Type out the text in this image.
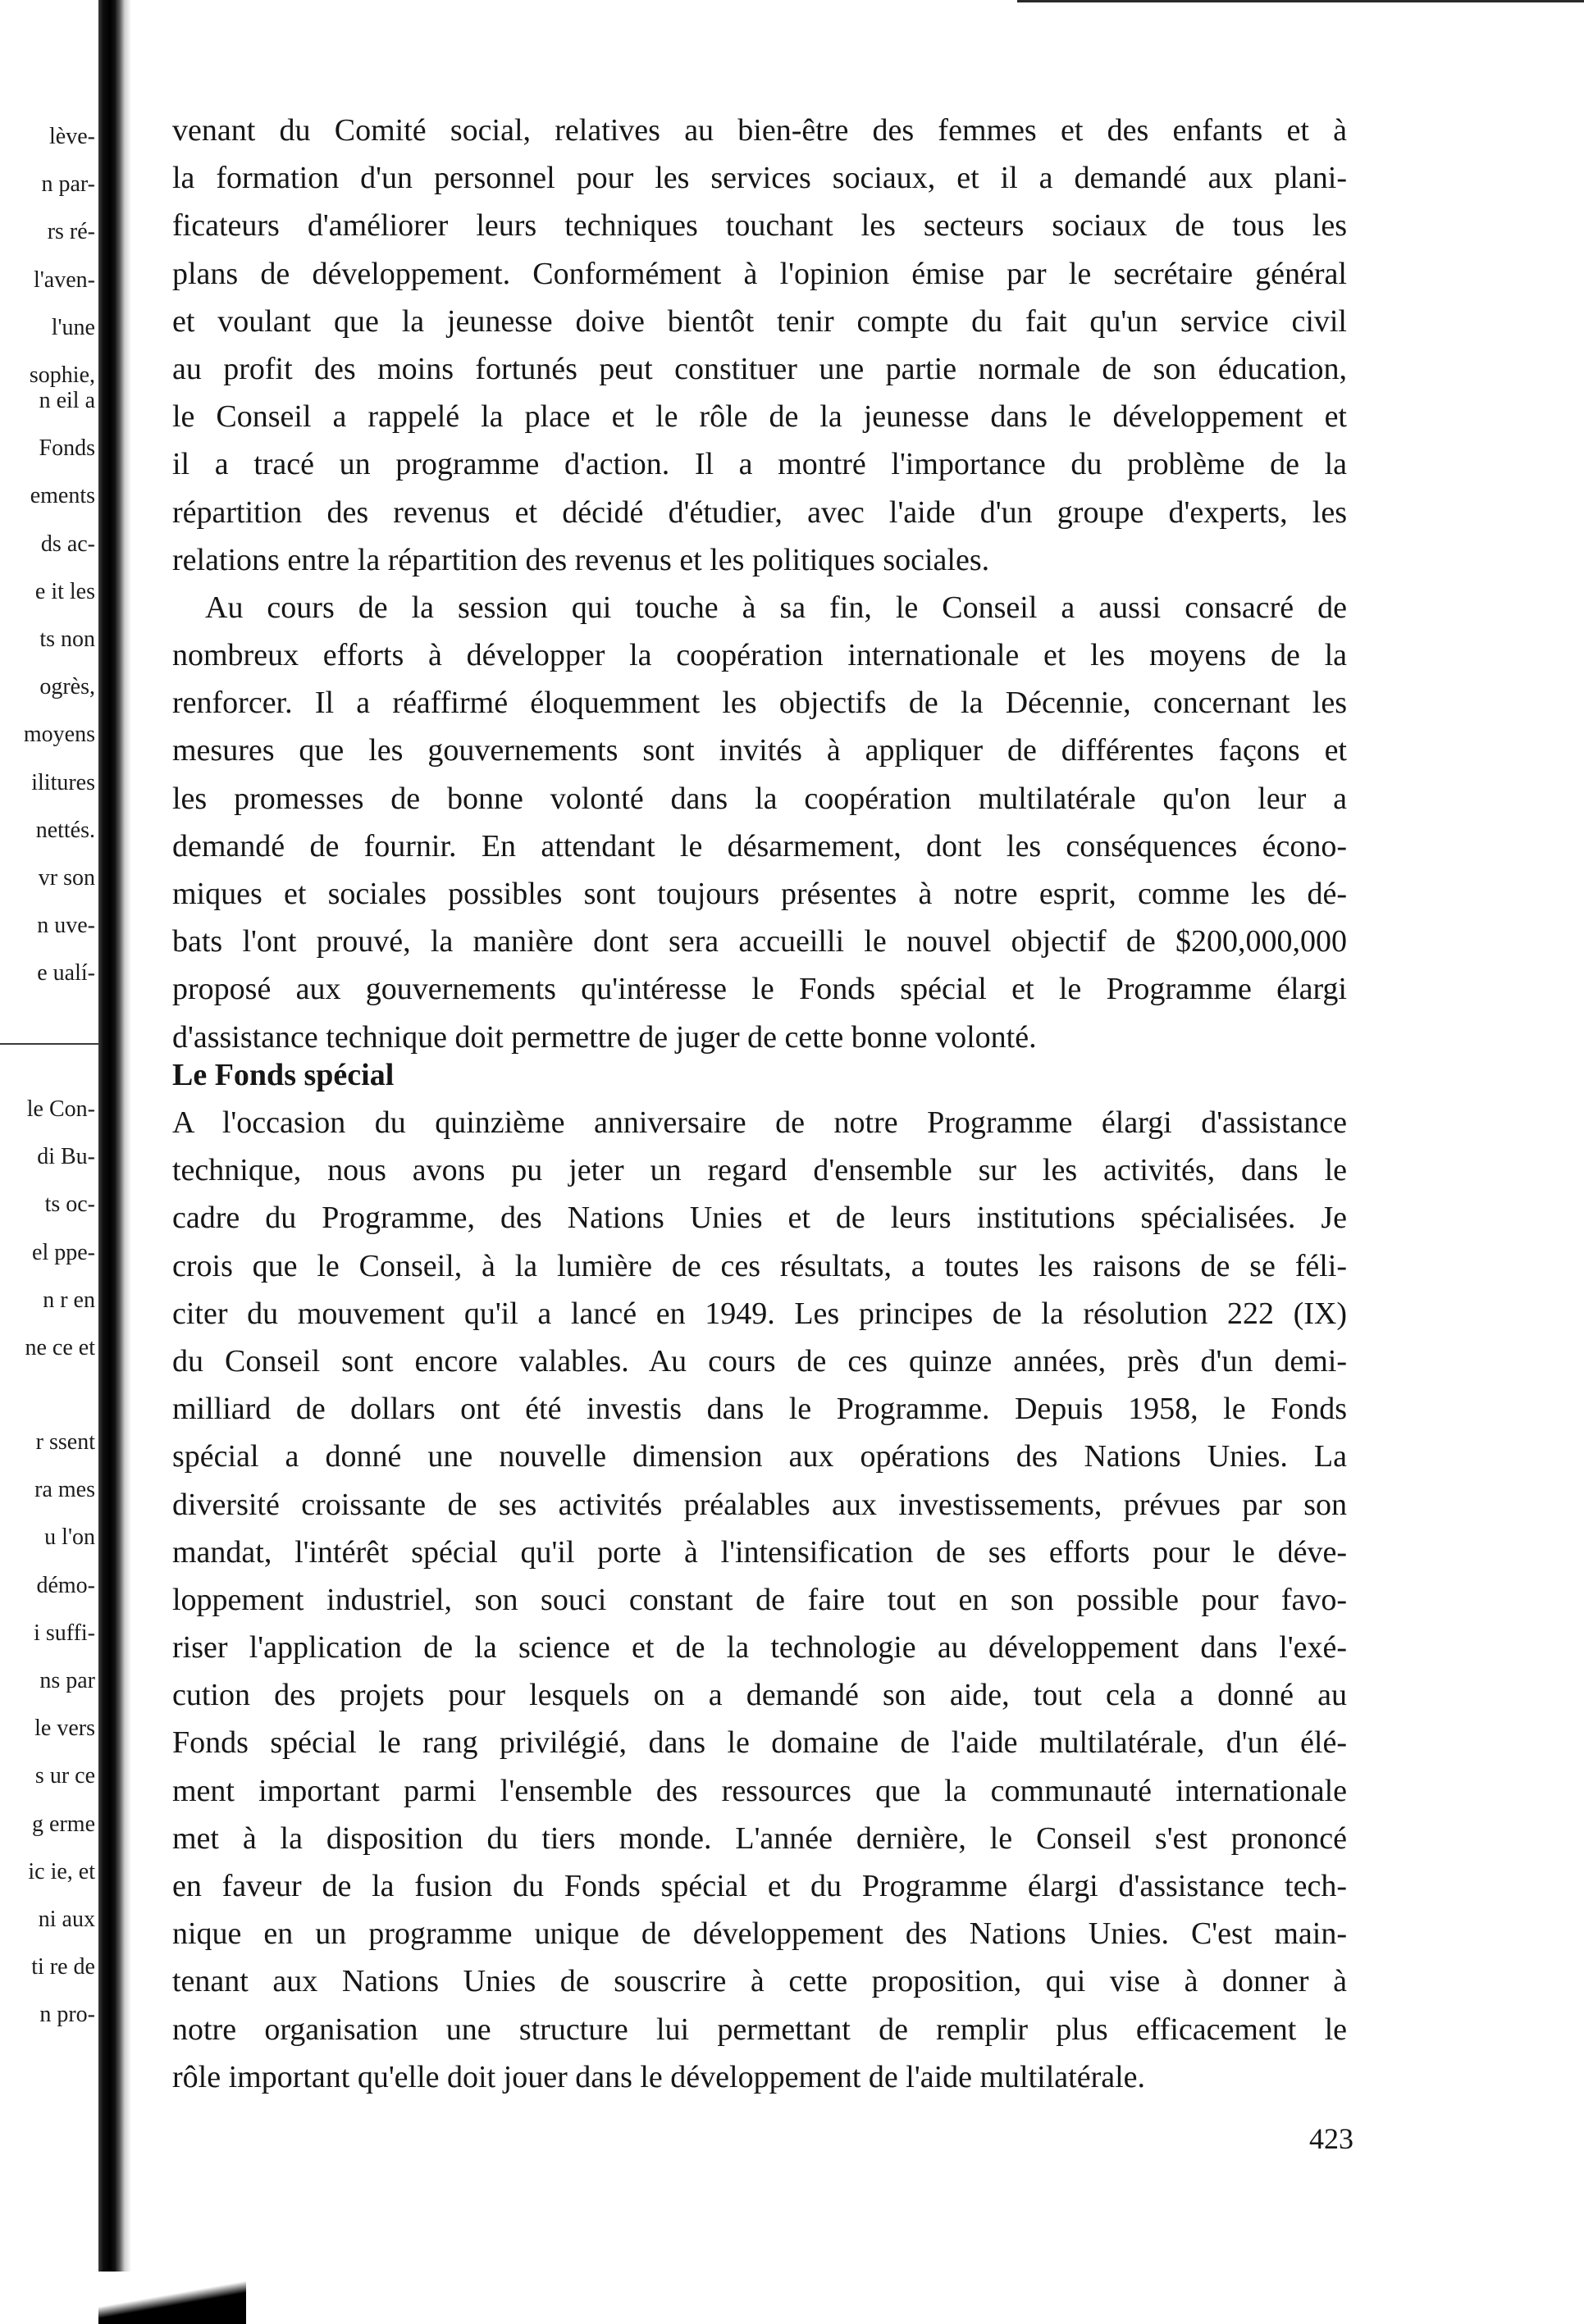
lève-
n par-
rs ré-
l'aven-
l'une
sophie,
n eil a
Fonds
ements
ds ac-
e it les
ts non
ogrès,
moyens
ilitures
nettés.
vr son
n uve-
e ualí-
le Con-
di Bu-
ts oc-
el ppe-
n r en
ne ce et
r ssent
ra mes
u l'on
démo-
i suffi-
ns par
le vers
s ur ce
g erme
ic ie, et
ni aux
ti re de
n pro-
venant du Comité social, relatives au bien-être des femmes et des enfants et à
la formation d'un personnel pour les services sociaux, et il a demandé aux plani-
ficateurs d'améliorer leurs techniques touchant les secteurs sociaux de tous les
plans de développement. Conformément à l'opinion émise par le secrétaire général
et voulant que la jeunesse doive bientôt tenir compte du fait qu'un service civil
au profit des moins fortunés peut constituer une partie normale de son éducation,
le Conseil a rappelé la place et le rôle de la jeunesse dans le développement et
il a tracé un programme d'action. Il a montré l'importance du problème de la
répartition des revenus et décidé d'étudier, avec l'aide d'un groupe d'experts, les
relations entre la répartition des revenus et les politiques sociales.
Au cours de la session qui touche à sa fin, le Conseil a aussi consacré de
nombreux efforts à développer la coopération internationale et les moyens de la
renforcer. Il a réaffirmé éloquemment les objectifs de la Décennie, concernant les
mesures que les gouvernements sont invités à appliquer de différentes façons et
les promesses de bonne volonté dans la coopération multilatérale qu'on leur a
demandé de fournir. En attendant le désarmement, dont les conséquences écono-
miques et sociales possibles sont toujours présentes à notre esprit, comme les dé-
bats l'ont prouvé, la manière dont sera accueilli le nouvel objectif de $200,000,000
proposé aux gouvernements qu'intéresse le Fonds spécial et le Programme élargi
d'assistance technique doit permettre de juger de cette bonne volonté.
Le Fonds spécial
A l'occasion du quinzième anniversaire de notre Programme élargi d'assistance
technique, nous avons pu jeter un regard d'ensemble sur les activités, dans le
cadre du Programme, des Nations Unies et de leurs institutions spécialisées. Je
crois que le Conseil, à la lumière de ces résultats, a toutes les raisons de se féli-
citer du mouvement qu'il a lancé en 1949. Les principes de la résolution 222 (IX)
du Conseil sont encore valables. Au cours de ces quinze années, près d'un demi-
milliard de dollars ont été investis dans le Programme. Depuis 1958, le Fonds
spécial a donné une nouvelle dimension aux opérations des Nations Unies. La
diversité croissante de ses activités préalables aux investissements, prévues par son
mandat, l'intérêt spécial qu'il porte à l'intensification de ses efforts pour le déve-
loppement industriel, son souci constant de faire tout en son possible pour favo-
riser l'application de la science et de la technologie au développement dans l'exé-
cution des projets pour lesquels on a demandé son aide, tout cela a donné au
Fonds spécial le rang privilégié, dans le domaine de l'aide multilatérale, d'un élé-
ment important parmi l'ensemble des ressources que la communauté internationale
met à la disposition du tiers monde. L'année dernière, le Conseil s'est prononcé
en faveur de la fusion du Fonds spécial et du Programme élargi d'assistance tech-
nique en un programme unique de développement des Nations Unies. C'est main-
tenant aux Nations Unies de souscrire à cette proposition, qui vise à donner à
notre organisation une structure lui permettant de remplir plus efficacement le
rôle important qu'elle doit jouer dans le développement de l'aide multilatérale.
423
